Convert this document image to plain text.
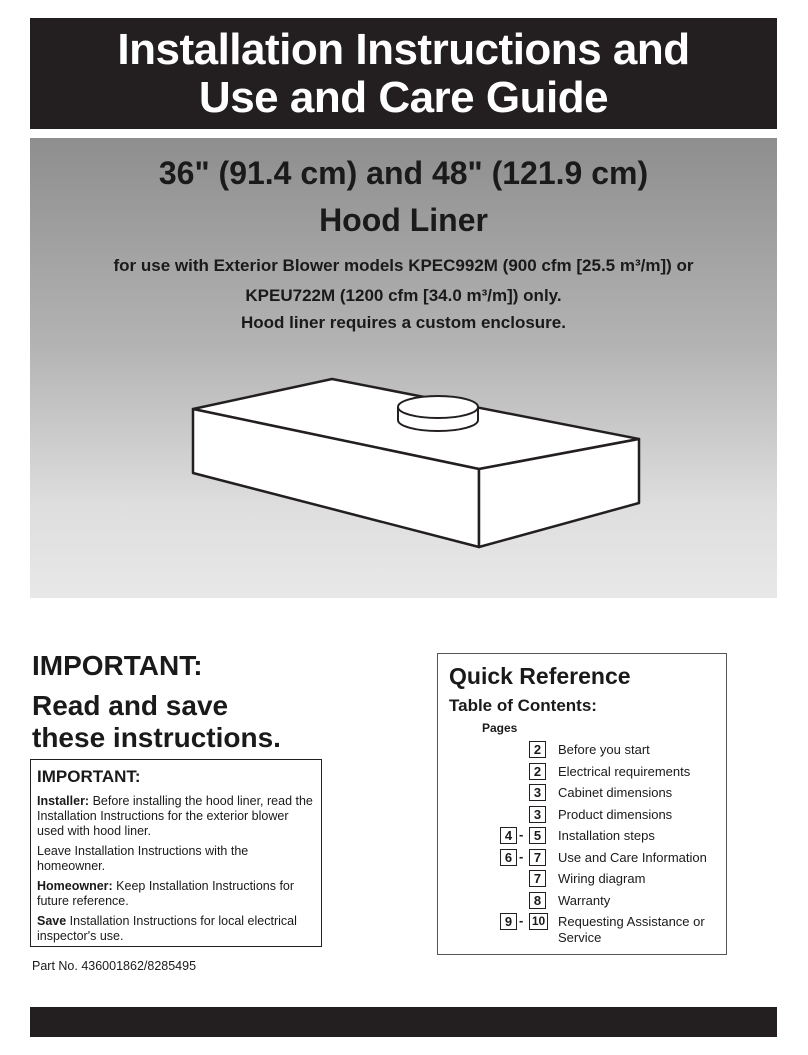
Installation Instructions and
Use and Care Guide
36" (91.4 cm) and 48" (121.9 cm)
Hood Liner
for use with Exterior Blower models KPEC992M (900 cfm [25.5 m³/m]) or
KPEU722M (1200 cfm [34.0 m³/m]) only.
Hood liner requires a custom enclosure.
IMPORTANT:
Read and save
these instructions.
IMPORTANT:

Installer: Before installing the hood liner, read the Installation Instructions for the exterior blower used with hood liner.

Leave Installation Instructions with the homeowner.

Homeowner: Keep Installation Instructions for future reference.

Save Installation Instructions for local electrical inspector's use.

Part No. 436001862/8285495
Quick Reference
Table of Contents:
Pages
2	Before you start
2	Electrical requirements
3	Cabinet dimensions
3	Product dimensions
4 - 5	Installation steps
6 - 7	Use and Care Information
7	Wiring diagram
8	Warranty
9 - 10 Requesting Assistance or Service
